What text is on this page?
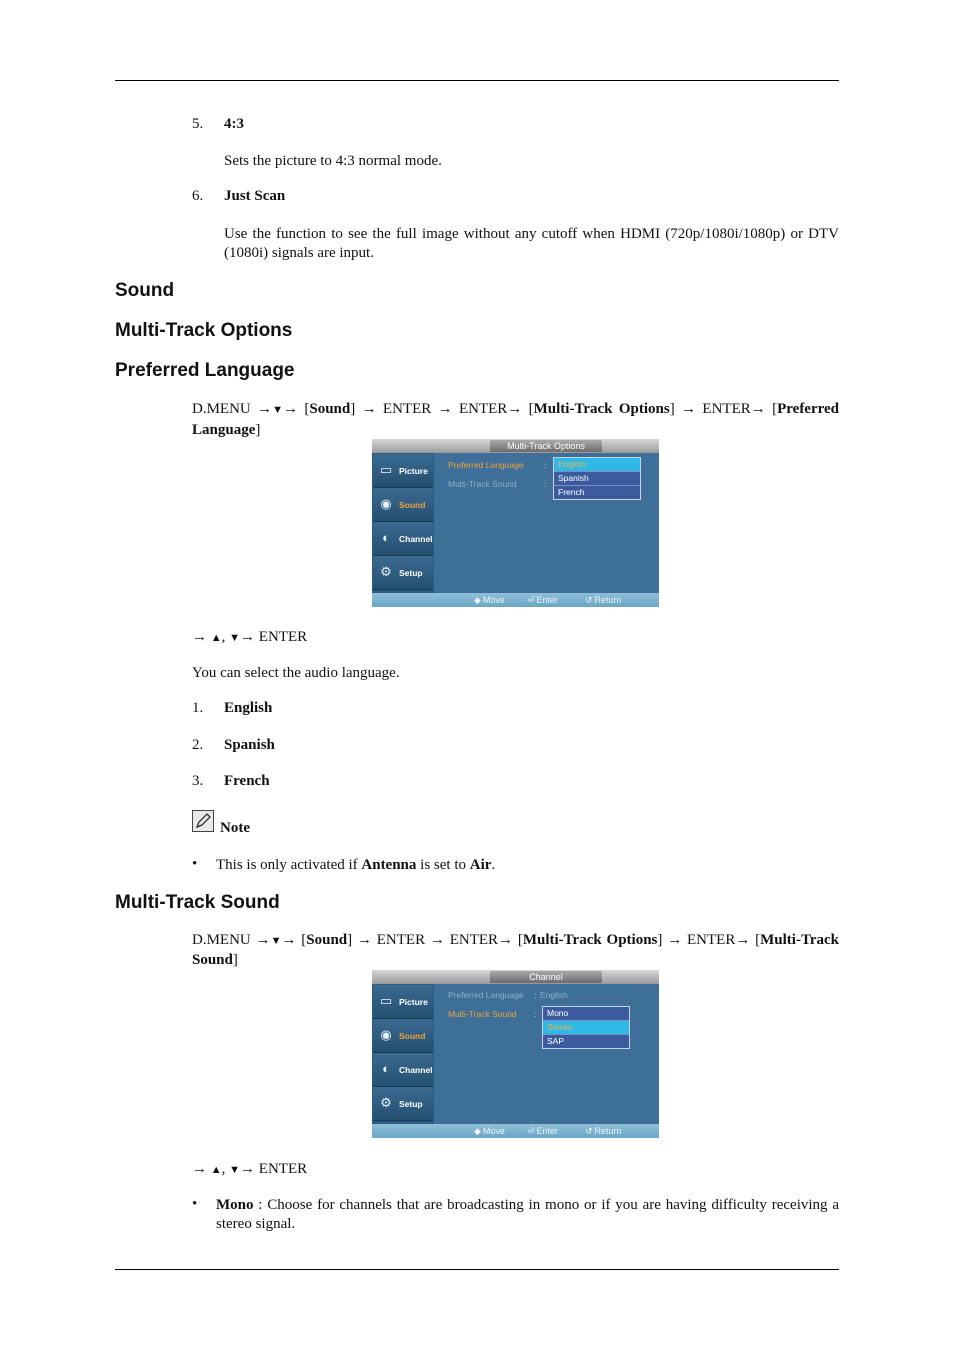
5. 4:3
Sets the picture to 4:3 normal mode.
6. Just Scan
Use the function to see the full image without any cutoff when HDMI (720p/1080i/1080p) or DTV (1080i) signals are input.
Sound
Multi-Track Options
Preferred Language
D.MENU →▼→ [Sound] → ENTER → ENTER→ [Multi-Track Options] → ENTER→ [Preferred Language]
Multi-Track Options
▭ Picture
◉ Sound
◐	Channel
⚙ Setup
Preferred Language :
Multi-Track Sound	:
English
Spanish
French
◆ Move ⏎ Enter	↺ Return
→ ▲, ▼→ ENTER
You can select the audio language.
1. English
2. Spanish
3. French
Note
• This is only activated if Antenna is set to Air.
Multi-Track Sound
D.MENU →▼→ [Sound] → ENTER → ENTER→ [Multi-Track Options] → ENTER→ [Multi-Track Sound]
Channel
▭ Picture
◉ Sound
◐	Channel
⚙ Setup
Preferred Language : English
Multi-Track Sound :	Mono
Stereo
SAP
◆ Move ⏎ Enter	↺ Return
→ ▲, ▼→ ENTER
• Mono : Choose for channels that are broadcasting in mono or if you are having difficulty receiving a stereo signal.
